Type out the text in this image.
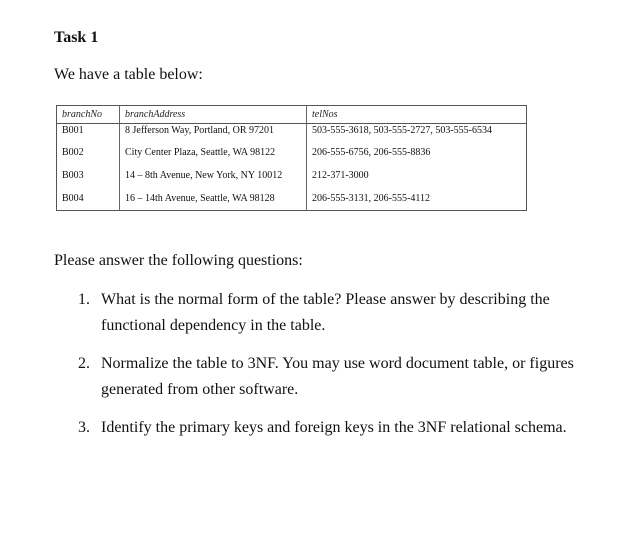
Task 1
We have a table below:
branchNo	branchAddress	telNos
B001	8 Jefferson Way, Portland, OR 97201	503-555-3618, 503-555-2727, 503-555-6534
B002	City Center Plaza, Seattle, WA 98122	206-555-6756, 206-555-8836
B003	14 – 8th Avenue, New York, NY 10012	212-371-3000
B004	16 – 14th Avenue, Seattle, WA 98128	206-555-3131, 206-555-4112
Please answer the following questions:
1. What is the normal form of the table? Please answer by describing the functional dependency in the table.
2. Normalize the table to 3NF. You may use word document table, or figures generated from other software.
3. Identify the primary keys and foreign keys in the 3NF relational schema.
